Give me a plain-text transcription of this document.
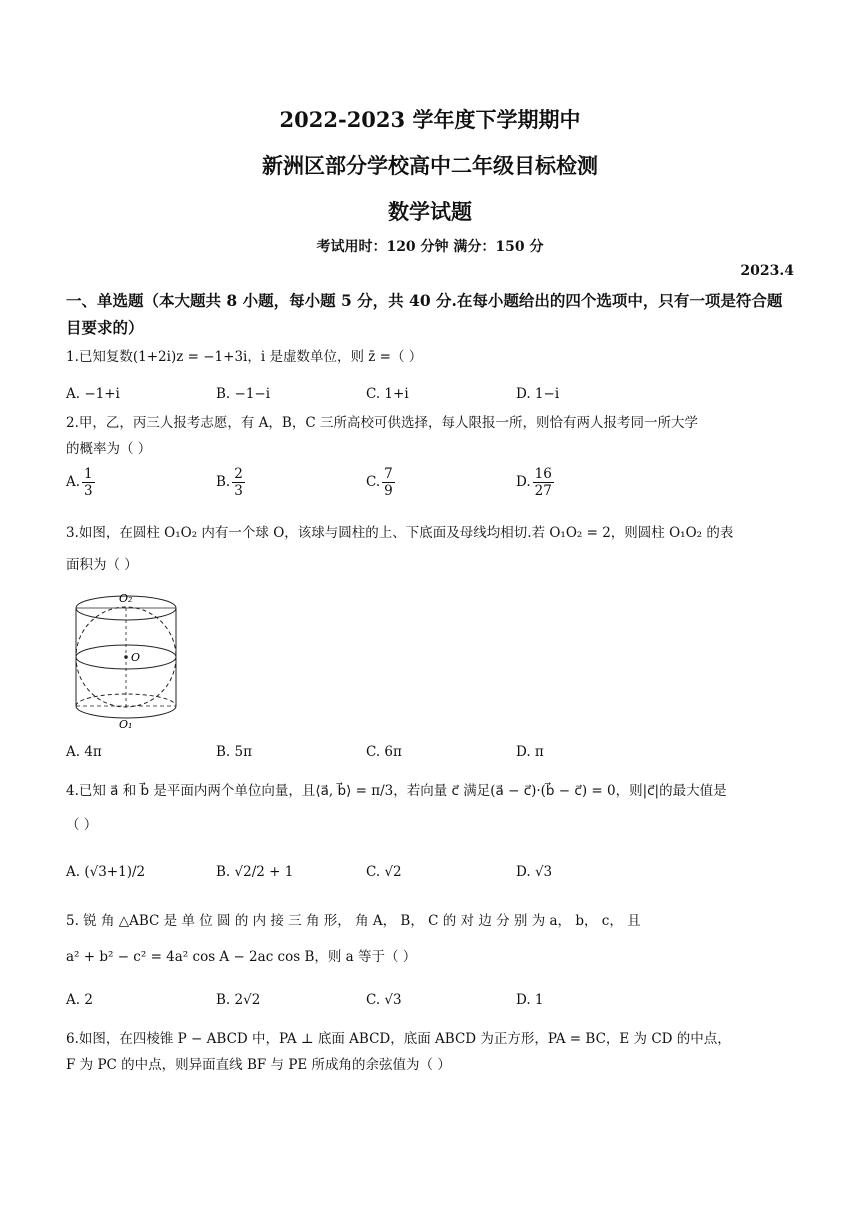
2022-2023 学年度下学期期中
新洲区部分学校高中二年级目标检测
数学试题
考试用时：120 分钟 满分：150 分
2023.4
一、单选题（本大题共 8 小题，每小题 5 分，共 40 分.在每小题给出的四个选项中，只有一项是符合题目要求的）
1.已知复数(1+2i)z = −1+3i，i 是虚数单位，则 z̄ =（ ）
A. −1+i	B. −1−i	C. 1+i	D. 1−i
2.甲，乙，丙三人报考志愿，有 A，B，C 三所高校可供选择，每人限报一所，则恰有两人报考同一所大学
的概率为（ ）
A. $\frac{1}{3}$	B. $\frac{2}{3}$	C. $\frac{7}{9}$	D. $\frac{16}{27}$
3.如图，在圆柱 O₁O₂ 内有一个球 O，该球与圆柱的上、下底面及母线均相切.若 O₁O₂ = 2，则圆柱 O₁O₂ 的表
面积为（ ）
O₂
O
O₁
A. 4π	B. 5π	C. 6π	D. π
4.已知 a⃗ 和 b⃗ 是平面内两个单位向量，且⟨a⃗, b⃗⟩ = π/3，若向量 c⃗ 满足(a⃗ − c⃗)·(b⃗ − c⃗) = 0，则|c⃗|的最大值是
（ ）
A. (√3+1)/2	B. √2/2 + 1	C. √2	D. √3
5. 锐 角 △ABC 是 单 位 圆 的 内 接 三 角 形， 角 A， B， C 的 对 边 分 别 为 a， b， c， 且
a² + b² − c² = 4a² cos A − 2ac cos B，则 a 等于（ ）
A. 2	B. 2√2	C. √3	D. 1
6.如图，在四棱锥 P − ABCD 中，PA ⊥ 底面 ABCD，底面 ABCD 为正方形，PA = BC，E 为 CD 的中点，
F 为 PC 的中点，则异面直线 BF 与 PE 所成角的余弦值为（ ）
